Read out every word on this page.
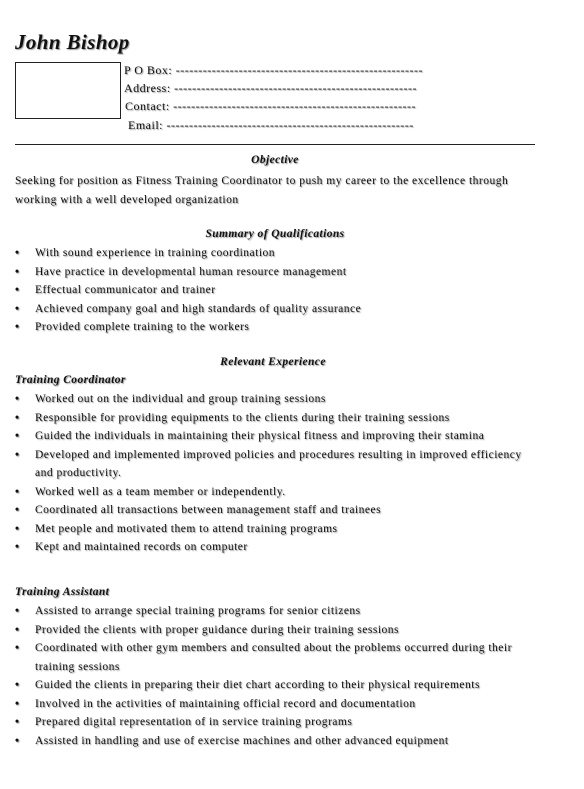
John Bishop
P O Box: -------------------------------------------------------
Address: ------------------------------------------------------
Contact: ------------------------------------------------------
Email: -------------------------------------------------------
Objective
Seeking for position as Fitness Training Coordinator to push my career to the excellence through working with a well developed organization
Summary of Qualifications
• With sound experience in training coordination
• Have practice in developmental human resource management
• Effectual communicator and trainer
• Achieved company goal and high standards of quality assurance
• Provided complete training to the workers
Relevant Experience
Training Coordinator
• Worked out on the individual and group training sessions
• Responsible for providing equipments to the clients during their training sessions
• Guided the individuals in maintaining their physical fitness and improving their stamina
• Developed and implemented improved policies and procedures resulting in improved efficiency and productivity.
• Worked well as a team member or independently.
• Coordinated all transactions between management staff and trainees
• Met people and motivated them to attend training programs
• Kept and maintained records on computer
Training Assistant
• Assisted to arrange special training programs for senior citizens
• Provided the clients with proper guidance during their training sessions
• Coordinated with other gym members and consulted about the problems occurred during their training sessions
• Guided the clients in preparing their diet chart according to their physical requirements
• Involved in the activities of maintaining official record and documentation
• Prepared digital representation of in service training programs
• Assisted in handling and use of exercise machines and other advanced equipment
